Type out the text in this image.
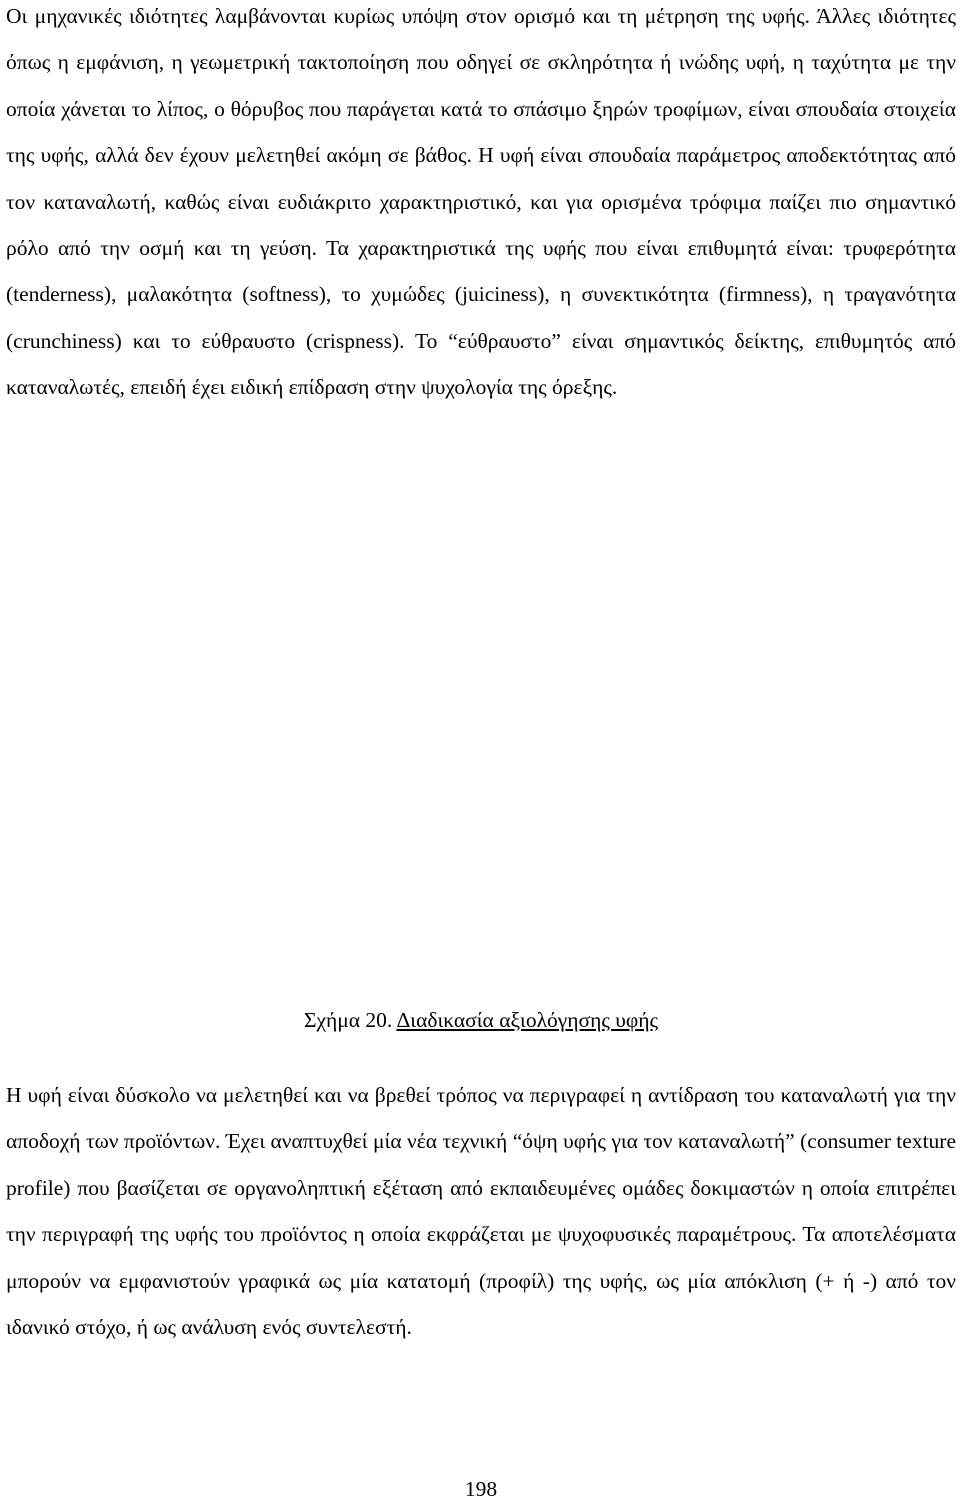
Οι μηχανικές ιδιότητες λαμβάνονται κυρίως υπόψη στον ορισμό και τη μέτρηση της υφής. Άλλες ιδιότητες όπως η εμφάνιση, η γεωμετρική τακτοποίηση που οδηγεί σε σκληρότητα ή ινώδης υφή, η ταχύτητα με την οποία χάνεται το λίπος, ο θόρυβος που παράγεται κατά το σπάσιμο ξηρών τροφίμων, είναι σπουδαία στοιχεία της υφής, αλλά δεν έχουν μελετηθεί ακόμη σε βάθος. Η υφή είναι σπουδαία παράμετρος αποδεκτότητας από τον καταναλωτή, καθώς είναι ευδιάκριτο χαρακτηριστικό, και για ορισμένα τρόφιμα παίζει πιο σημαντικό ρόλο από την οσμή και τη γεύση. Τα χαρακτηριστικά της υφής που είναι επιθυμητά είναι: τρυφερότητα (tenderness), μαλακότητα (softness), το χυμώδες (juiciness), η συνεκτικότητα (firmness), η τραγανότητα (crunchiness) και το εύθραυστο (crispness). Το “εύθραυστο” είναι σημαντικός δείκτης, επιθυμητός από καταναλωτές, επειδή έχει ειδική επίδραση στην ψυχολογία της όρεξης.

Σχήμα 20. Διαδικασία αξιολόγησης υφής

Η υφή είναι δύσκολο να μελετηθεί και να βρεθεί τρόπος να περιγραφεί η αντίδραση του καταναλωτή για την αποδοχή των προϊόντων. Έχει αναπτυχθεί μία νέα τεχνική “όψη υφής για τον καταναλωτή” (consumer texture profile) που βασίζεται σε οργανοληπτική εξέταση από εκπαιδευμένες ομάδες δοκιμαστών η οποία επιτρέπει την περιγραφή της υφής του προϊόντος η οποία εκφράζεται με ψυχοφυσικές παραμέτρους. Τα αποτελέσματα μπορούν να εμφανιστούν γραφικά ως μία κατατομή (προφίλ) της υφής, ως μία απόκλιση (+ ή -) από τον ιδανικό στόχο, ή ως ανάλυση ενός συντελεστή.

198
